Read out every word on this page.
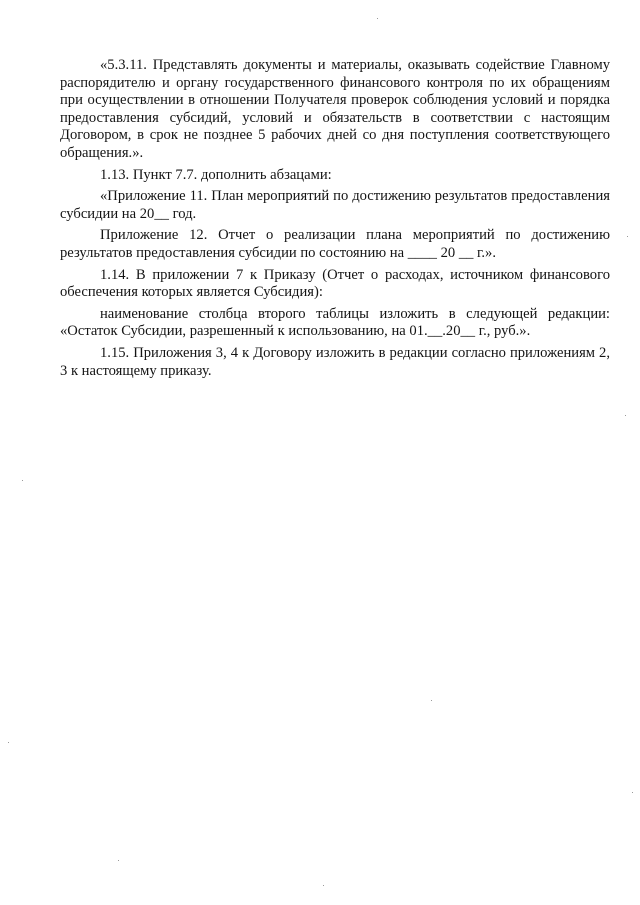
«5.3.11. Представлять документы и материалы, оказывать содействие Главному распорядителю и органу государственного финансового контроля по их обращениям при осуществлении в отношении Получателя проверок соблюдения условий и порядка предоставления субсидий, условий и обязательств в соответствии с настоящим Договором, в срок не позднее 5 рабочих дней со дня поступления соответствующего обращения.».

1.13. Пункт 7.7. дополнить абзацами:

«Приложение 11. План мероприятий по достижению результатов предоставления субсидии на 20__ год.

Приложение 12. Отчет о реализации плана мероприятий по достижению результатов предоставления субсидии по состоянию на ____ 20 __ г.».

1.14. В приложении 7 к Приказу (Отчет о расходах, источником финансового обеспечения которых является Субсидия):

наименование столбца второго таблицы изложить в следующей редакции: «Остаток Субсидии, разрешенный к использованию, на 01.__.20__ г., руб.».

1.15. Приложения 3, 4 к Договору изложить в редакции согласно приложениям 2, 3 к настоящему приказу.
